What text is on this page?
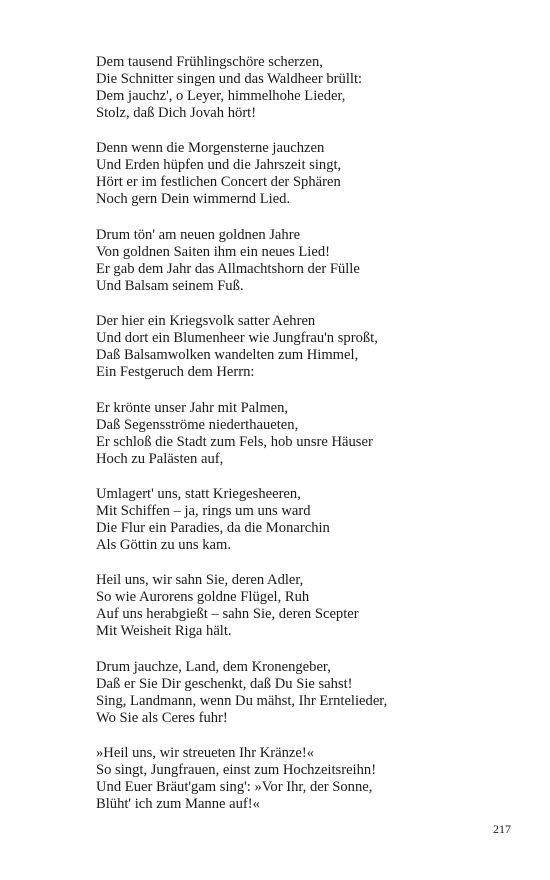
Dem tausend Frühlingschöre scherzen,
Die Schnitter singen und das Waldheer brüllt:
Dem jauchz', o Leyer, himmelhohe Lieder,
Stolz, daß Dich Jovah hört!
Denn wenn die Morgensterne jauchzen
Und Erden hüpfen und die Jahrszeit singt,
Hört er im festlichen Concert der Sphären
Noch gern Dein wimmernd Lied.
Drum tön' am neuen goldnen Jahre
Von goldnen Saiten ihm ein neues Lied!
Er gab dem Jahr das Allmachtshorn der Fülle
Und Balsam seinem Fuß.
Der hier ein Kriegsvolk satter Aehren
Und dort ein Blumenheer wie Jungfrau'n sproßt,
Daß Balsamwolken wandelten zum Himmel,
Ein Festgeruch dem Herrn:
Er krönte unser Jahr mit Palmen,
Daß Segensströme niederthaueten,
Er schloß die Stadt zum Fels, hob unsre Häuser
Hoch zu Palästen auf,
Umlagert' uns, statt Kriegesheeren,
Mit Schiffen – ja, rings um uns ward
Die Flur ein Paradies, da die Monarchin
Als Göttin zu uns kam.
Heil uns, wir sahn Sie, deren Adler,
So wie Aurorens goldne Flügel, Ruh
Auf uns herabgießt – sahn Sie, deren Scepter
Mit Weisheit Riga hält.
Drum jauchze, Land, dem Kronengeber,
Daß er Sie Dir geschenkt, daß Du Sie sahst!
Sing, Landmann, wenn Du mähst, Ihr Erntelieder,
Wo Sie als Ceres fuhr!
»Heil uns, wir streueten Ihr Kränze!«
So singt, Jungfrauen, einst zum Hochzeitsreihn!
Und Euer Bräut'gam sing': »Vor Ihr, der Sonne,
Blüht' ich zum Manne auf!«
217
